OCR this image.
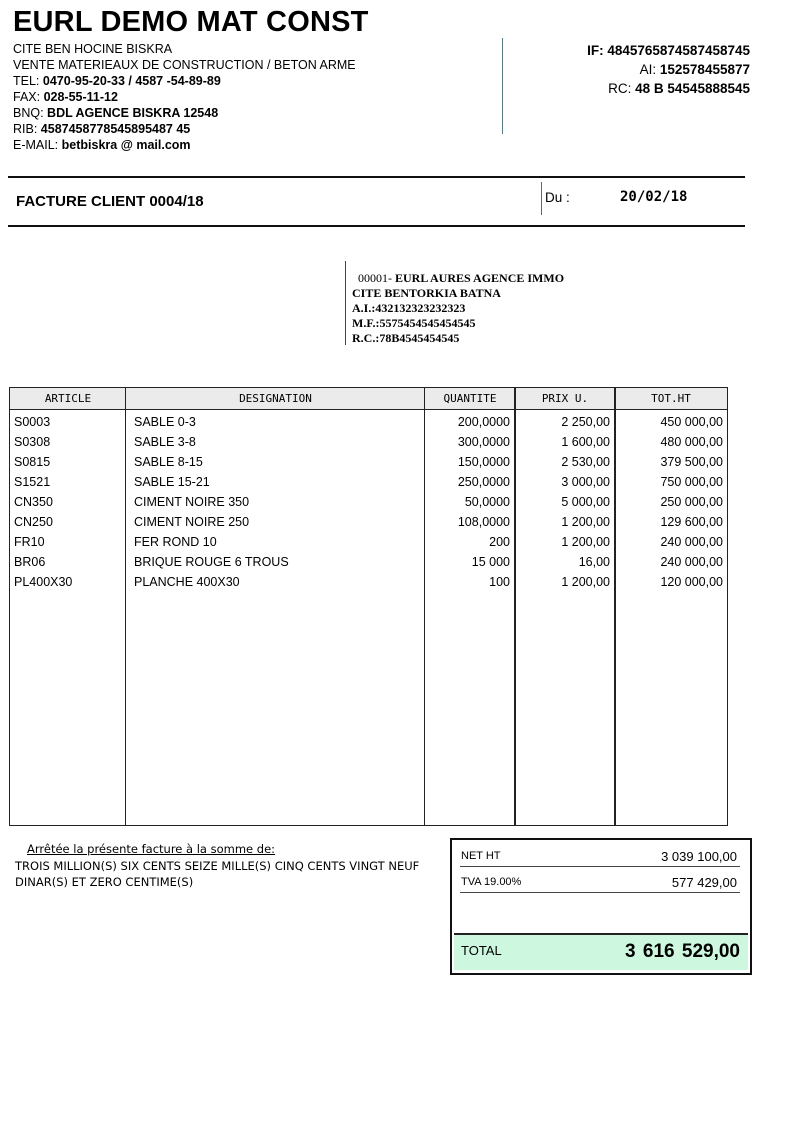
EURL DEMO MAT CONST
CITE BEN HOCINE BISKRA
VENTE MATERIEAUX DE CONSTRUCTION / BETON ARME
TEL: 0470-95-20-33 / 4587 -54-89-89
FAX: 028-55-11-12
BNQ: BDL AGENCE BISKRA 12548
RIB: 4587458778545895487 45
E-MAIL: betbiskra @ mail.com
IF: 4845765874587458745
AI: 152578455877
RC: 48 B 54545888545
FACTURE CLIENT 0004/18	Du :	20/02/18
00001- EURL AURES AGENCE IMMO
CITE BENTORKIA BATNA
A.I.:432132323232323
M.F.:5575454545454545
R.C.:78B4545454545
ARTICLE	DESIGNATION	QUANTITE	PRIX U.	TOT.HT
S0003	SABLE 0-3	200,0000	2 250,00	450 000,00
S0308	SABLE 3-8	300,0000	1 600,00	480 000,00
S0815	SABLE 8-15	150,0000	2 530,00	379 500,00
S1521	SABLE 15-21	250,0000	3 000,00	750 000,00
CN350	CIMENT NOIRE 350	50,0000	5 000,00	250 000,00
CN250	CIMENT NOIRE 250	108,0000	1 200,00	129 600,00
FR10	FER ROND 10	200	1 200,00	240 000,00
BR06	BRIQUE ROUGE 6 TROUS	15 000	16,00	240 000,00
PL400X30	PLANCHE 400X30	100	1 200,00	120 000,00
Arrêtée la présente facture à la somme de:
TROIS MILLION(S) SIX CENTS SEIZE MILLE(S) CINQ CENTS VINGT NEUF DINAR(S) ET ZERO CENTIME(S)
NET HT	3 039 100,00
TVA 19.00%	577 429,00
TOTAL	3 616 529,00
